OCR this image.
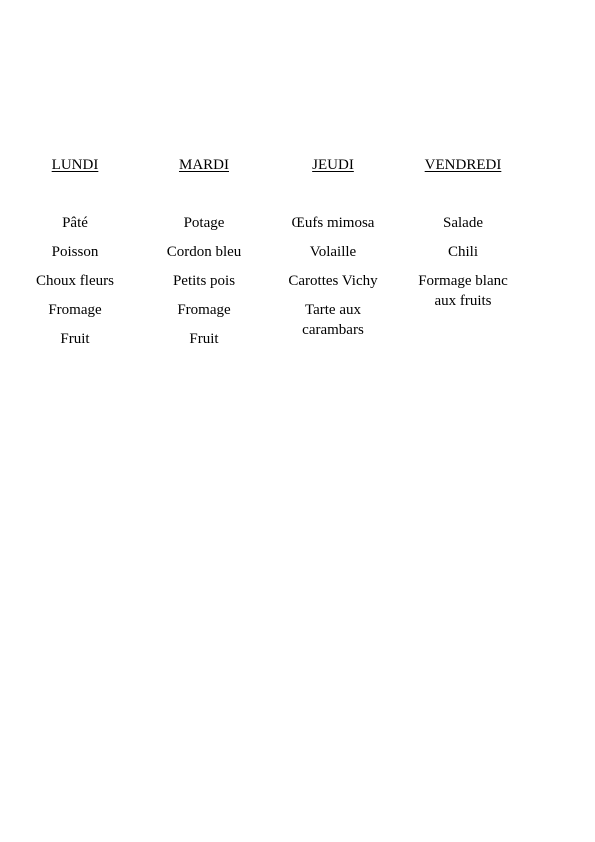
LUNDI
Pâté
Poisson
Choux fleurs
Fromage
Fruit
MARDI
Potage
Cordon bleu
Petits pois
Fromage
Fruit
JEUDI
Œufs mimosa
Volaille
Carottes Vichy
Tarte aux
carambars
VENDREDI
Salade
Chili
Formage blanc
aux fruits
